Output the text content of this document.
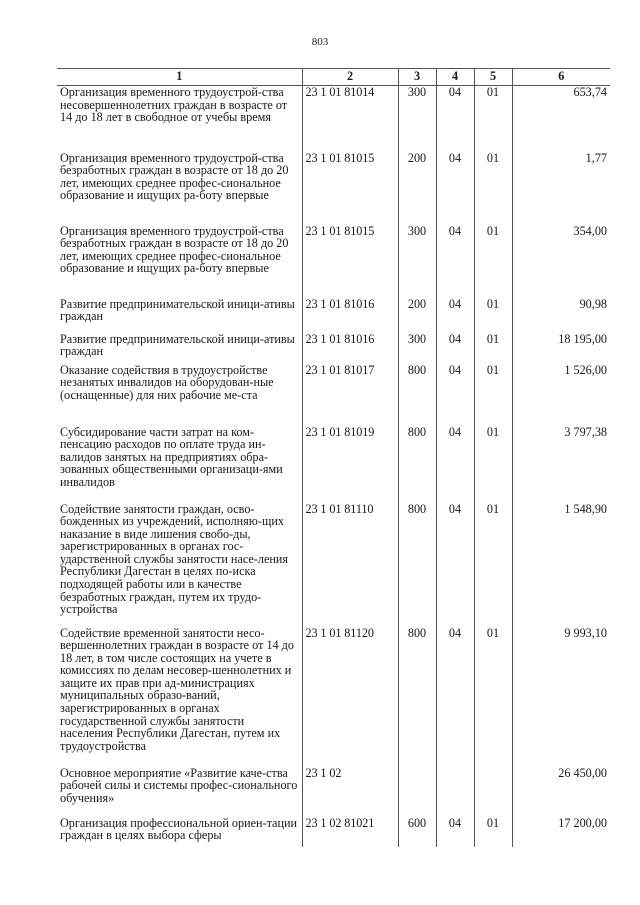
803
1	2	3	4	5	6
Организация временного трудоустрой-ства несовершеннолетних граждан в возрасте от 14 до 18 лет в свободное от учебы время	23 1 01 81014	300	04	01	653,74
Организация временного трудоустрой-ства безработных граждан в возрасте от 18 до 20 лет, имеющих среднее профес-сиональное образование и ищущих ра-боту впервые	23 1 01 81015	200	04	01	1,77
Организация временного трудоустрой-ства безработных граждан в возрасте от 18 до 20 лет, имеющих среднее профес-сиональное образование и ищущих ра-боту впервые	23 1 01 81015	300	04	01	354,00
Развитие предпринимательской иници-ативы граждан	23 1 01 81016	200	04	01	90,98
Развитие предпринимательской иници-ативы граждан	23 1 01 81016	300	04	01	18 195,00
Оказание содействия в трудоустройстве незанятых инвалидов на оборудован-ные (оснащенные) для них рабочие ме-ста	23 1 01 81017	800	04	01	1 526,00
Субсидирование части затрат на ком-пенсацию расходов по оплате труда ин-валидов занятых на предприятиях обра-зованных общественными организаци-ями инвалидов	23 1 01 81019	800	04	01	3 797,38
Содействие занятости граждан, осво-божденных из учреждений, исполняю-щих наказание в виде лишения свобо-ды, зарегистрированных в органах гос-ударственной службы занятости насе-ления Республики Дагестан в целях по-иска подходящей работы или в качестве безработных граждан, путем их трудо-устройства	23 1 01 81110	800	04	01	1 548,90
Содействие временной занятости несо-вершеннолетних граждан в возрасте от 14 до 18 лет, в том числе состоящих на учете в комиссиях по делам несовер-шеннолетних и защите их прав при ад-министрациях муниципальных образо-ваний, зарегистрированных в органах государственной службы занятости населения Республики Дагестан, путем их трудоустройства	23 1 01 81120	800	04	01	9 993,10
Основное мероприятие «Развитие каче-ства рабочей силы и системы профес-сионального обучения»	23 1 02				26 450,00
Организация профессиональной ориен-тации граждан в целях выбора сферы	23 1 02 81021	600	04	01	17 200,00
